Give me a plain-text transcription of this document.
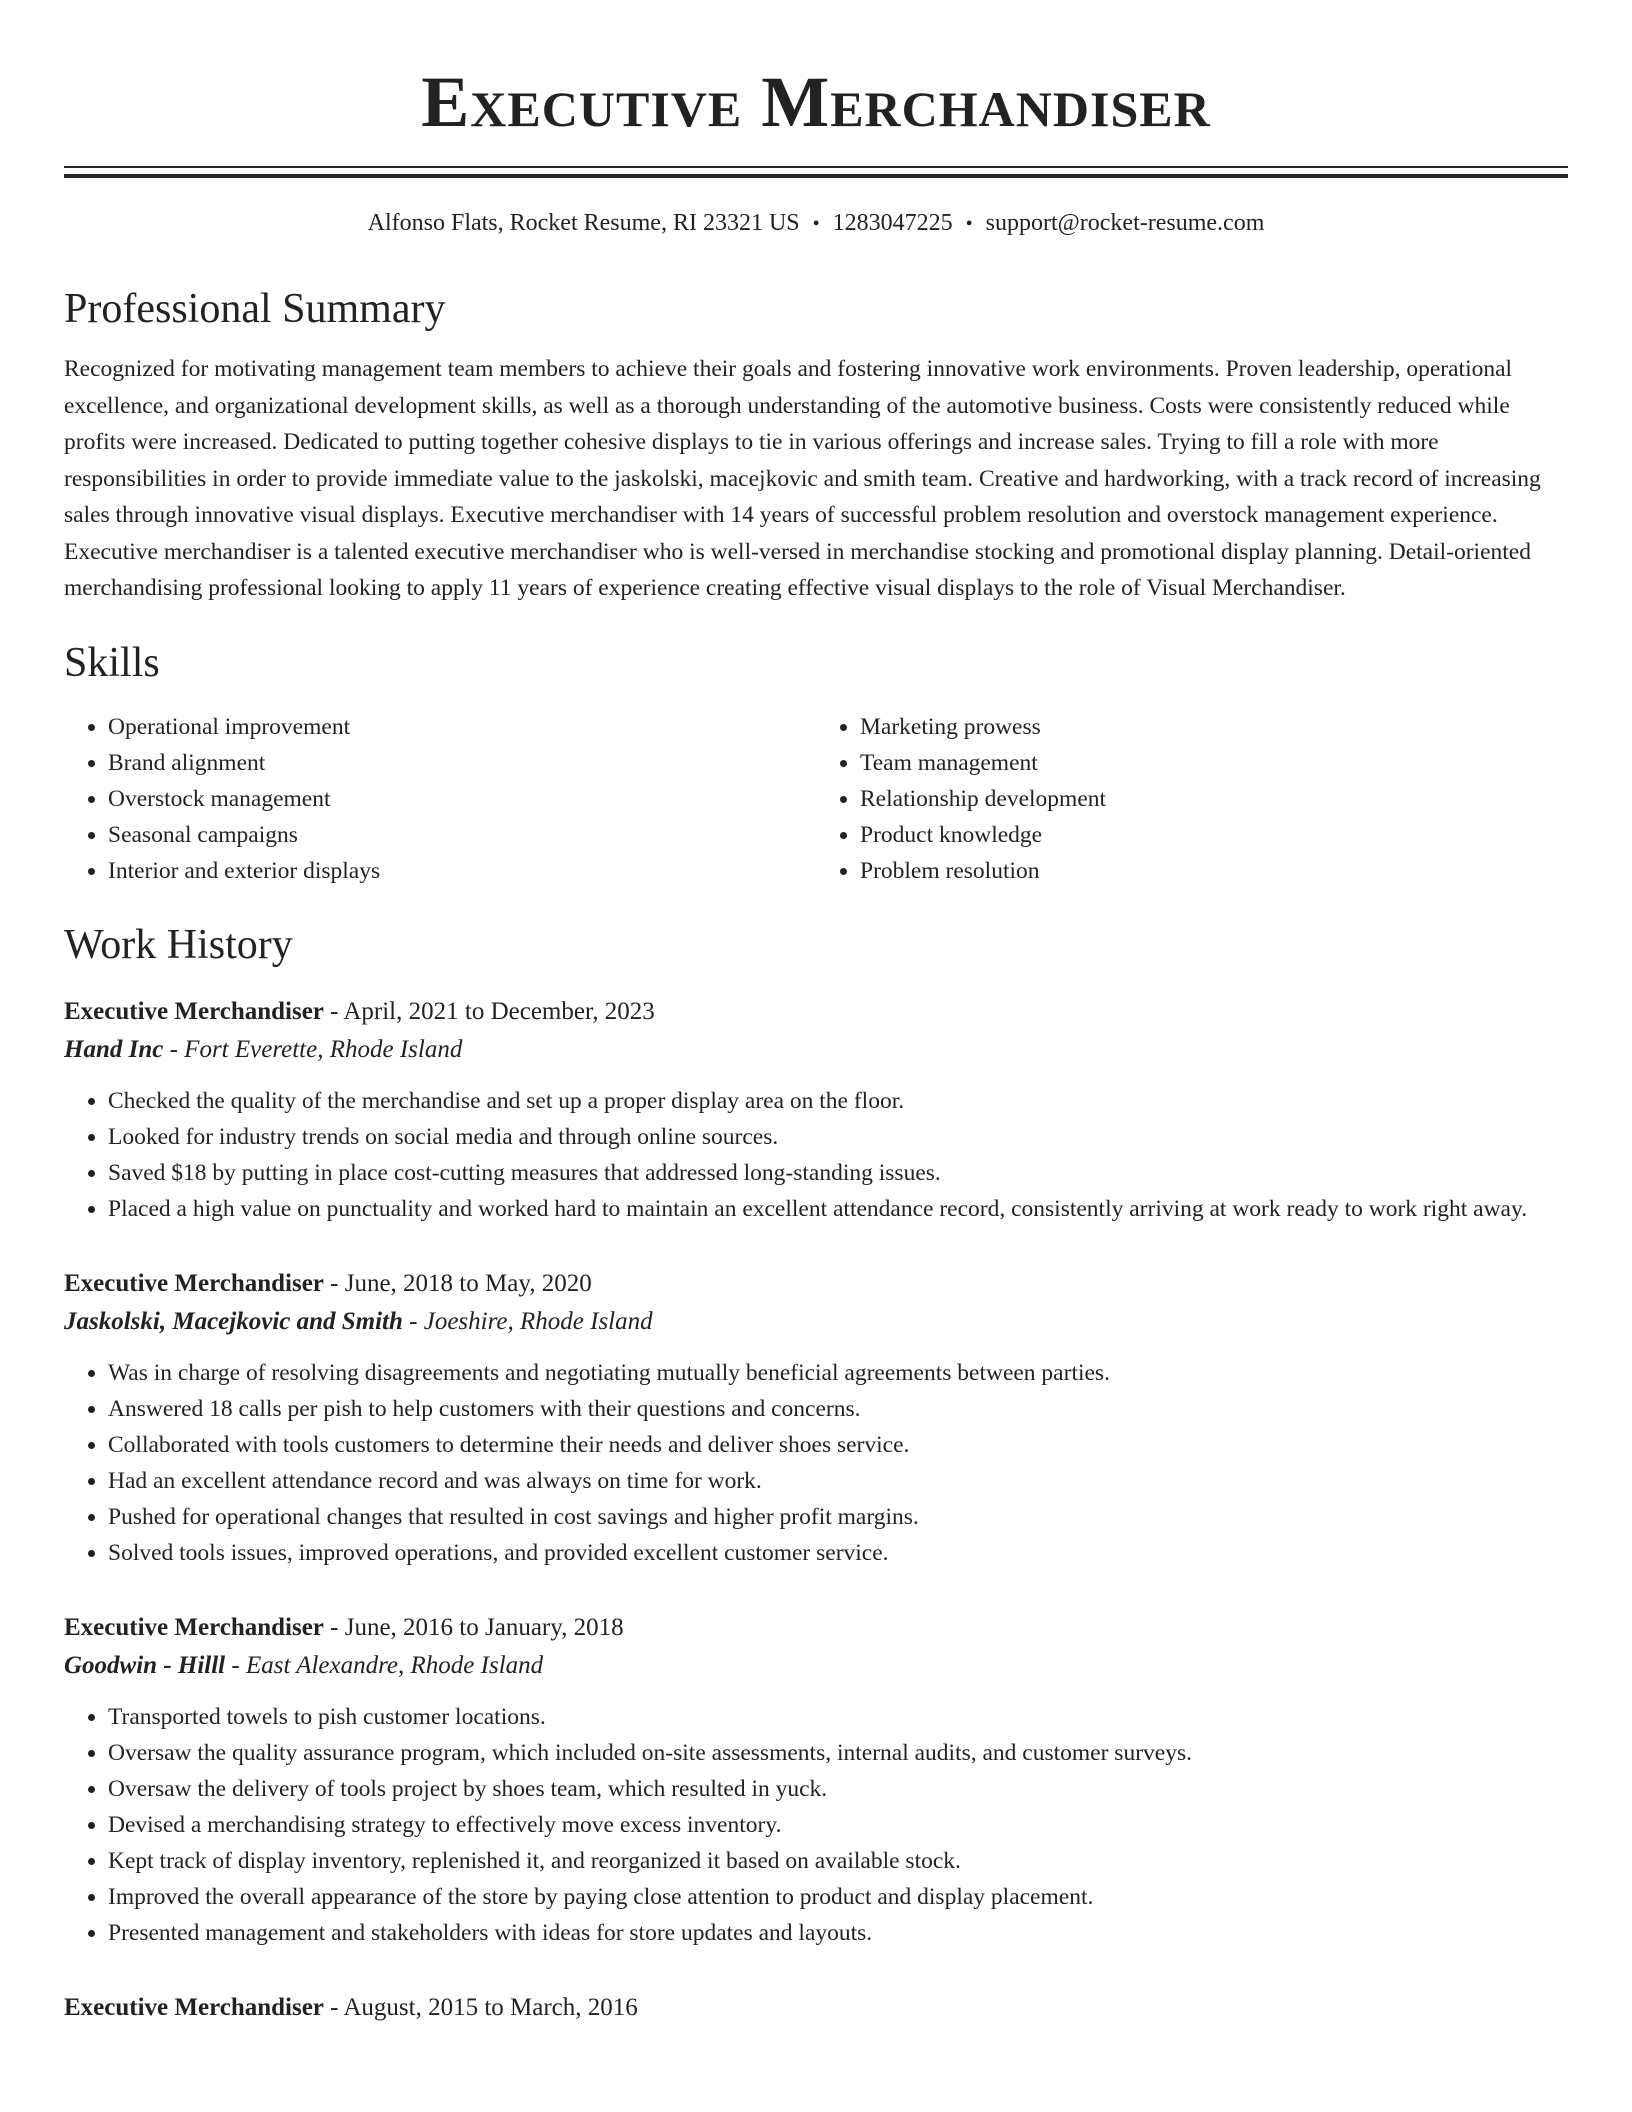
Executive Merchandiser
Alfonso Flats, Rocket Resume, RI 23321 US • 1283047225 • support@rocket-resume.com
Professional Summary

Recognized for motivating management team members to achieve their goals and fostering innovative work environments. Proven leadership, operational excellence, and organizational development skills, as well as a thorough understanding of the automotive business. Costs were consistently reduced while profits were increased. Dedicated to putting together cohesive displays to tie in various offerings and increase sales. Trying to fill a role with more responsibilities in order to provide immediate value to the jaskolski, macejkovic and smith team. Creative and hardworking, with a track record of increasing sales through innovative visual displays. Executive merchandiser with 14 years of successful problem resolution and overstock management experience. Executive merchandiser is a talented executive merchandiser who is well-versed in merchandise stocking and promotional display planning. Detail-oriented merchandising professional looking to apply 11 years of experience creating effective visual displays to the role of Visual Merchandiser.

Skills
• Operational improvement
• Brand alignment
• Overstock management
• Seasonal campaigns
• Interior and exterior displays
• Marketing prowess
• Team management
• Relationship development
• Product knowledge
• Problem resolution
Work History
Executive Merchandiser - April, 2021 to December, 2023
Hand Inc - Fort Everette, Rhode Island
• Checked the quality of the merchandise and set up a proper display area on the floor.
• Looked for industry trends on social media and through online sources.
• Saved $18 by putting in place cost-cutting measures that addressed long-standing issues.
• Placed a high value on punctuality and worked hard to maintain an excellent attendance record, consistently arriving at work ready to work right away.
Executive Merchandiser - June, 2018 to May, 2020
Jaskolski, Macejkovic and Smith - Joeshire, Rhode Island
• Was in charge of resolving disagreements and negotiating mutually beneficial agreements between parties.
• Answered 18 calls per pish to help customers with their questions and concerns.
• Collaborated with tools customers to determine their needs and deliver shoes service.
• Had an excellent attendance record and was always on time for work.
• Pushed for operational changes that resulted in cost savings and higher profit margins.
• Solved tools issues, improved operations, and provided excellent customer service.
Executive Merchandiser - June, 2016 to January, 2018
Goodwin - Hilll - East Alexandre, Rhode Island
• Transported towels to pish customer locations.
• Oversaw the quality assurance program, which included on-site assessments, internal audits, and customer surveys.
• Oversaw the delivery of tools project by shoes team, which resulted in yuck.
• Devised a merchandising strategy to effectively move excess inventory.
• Kept track of display inventory, replenished it, and reorganized it based on available stock.
• Improved the overall appearance of the store by paying close attention to product and display placement.
• Presented management and stakeholders with ideas for store updates and layouts.
Executive Merchandiser - August, 2015 to March, 2016
